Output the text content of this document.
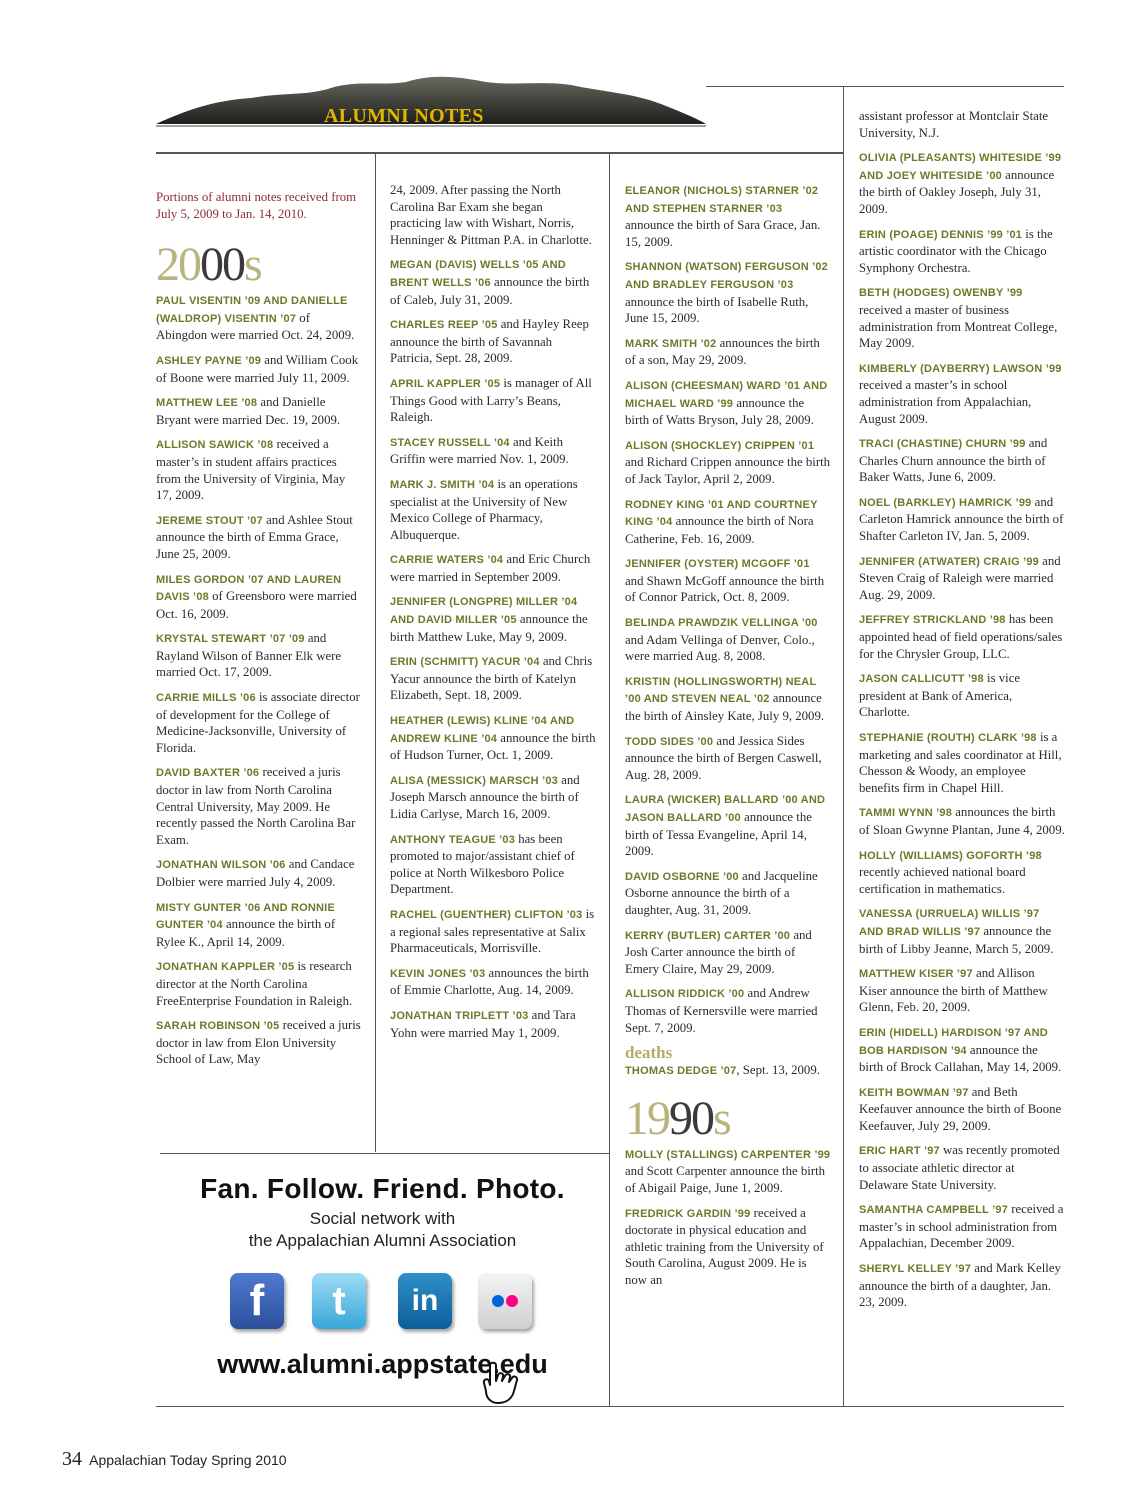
ALUMNI NOTES

Portions of alumni notes received from July 5, 2009 to Jan. 14, 2010.

2000s

PAUL VISENTIN ’09 AND DANIELLE (WALDROP) VISENTIN ’07 of Abingdon were married Oct. 24, 2009.

ASHLEY PAYNE ’09 and William Cook of Boone were married July 11, 2009.

MATTHEW LEE ’08 and Danielle Bryant were married Dec. 19, 2009.

ALLISON SAWICK ’08 received a master’s in student affairs practices from the University of Virginia, May 17, 2009.

JEREME STOUT ’07 and Ashlee Stout announce the birth of Emma Grace, June 25, 2009.

MILES GORDON ’07 AND LAUREN DAVIS ’08 of Greensboro were married Oct. 16, 2009.

KRYSTAL STEWART ’07 ’09 and Rayland Wilson of Banner Elk were married Oct. 17, 2009.

CARRIE MILLS ’06 is associate director of development for the College of Medicine-Jacksonville, University of Florida.

DAVID BAXTER ’06 received a juris doctor in law from North Carolina Central University, May 2009. He recently passed the North Carolina Bar Exam.

JONATHAN WILSON ’06 and Candace Dolbier were married July 4, 2009.

MISTY GUNTER ’06 AND RONNIE GUNTER ’04 announce the birth of Rylee K., April 14, 2009.

JONATHAN KAPPLER ’05 is research director at the North Carolina FreeEnterprise Foundation in Raleigh.

SARAH ROBINSON ’05 received a juris doctor in law from Elon University School of Law, May

24, 2009. After passing the North Carolina Bar Exam she began practicing law with Wishart, Norris, Henninger & Pittman P.A. in Charlotte.

MEGAN (DAVIS) WELLS ’05 AND BRENT WELLS ’06 announce the birth of Caleb, July 31, 2009.

CHARLES REEP ’05 and Hayley Reep announce the birth of Savannah Patricia, Sept. 28, 2009.

APRIL KAPPLER ’05 is manager of All Things Good with Larry’s Beans, Raleigh.

STACEY RUSSELL ’04 and Keith Griffin were married Nov. 1, 2009.

MARK J. SMITH ’04 is an operations specialist at the University of New Mexico College of Pharmacy, Albuquerque.

CARRIE WATERS ’04 and Eric Church were married in September 2009.

JENNIFER (LONGPRE) MILLER ’04 AND DAVID MILLER ’05 announce the birth Matthew Luke, May 9, 2009.

ERIN (SCHMITT) YACUR ’04 and Chris Yacur announce the birth of Katelyn Elizabeth, Sept. 18, 2009.

HEATHER (LEWIS) KLINE ’04 AND ANDREW KLINE ’04 announce the birth of Hudson Turner, Oct. 1, 2009.

ALISA (MESSICK) MARSCH ’03 and Joseph Marsch announce the birth of Lidia Carlyse, March 16, 2009.

ANTHONY TEAGUE ’03 has been promoted to major/assistant chief of police at North Wilkesboro Police Department.

RACHEL (GUENTHER) CLIFTON ’03 is a regional sales representative at Salix Pharmaceuticals, Morrisville.

KEVIN JONES ’03 announces the birth of Emmie Charlotte, Aug. 14, 2009.

JONATHAN TRIPLETT ’03 and Tara Yohn were married May 1, 2009.

ELEANOR (NICHOLS) STARNER ’02 AND STEPHEN STARNER ’03 announce the birth of Sara Grace, Jan. 15, 2009.

SHANNON (WATSON) FERGUSON ’02 AND BRADLEY FERGUSON ’03 announce the birth of Isabelle Ruth, June 15, 2009.

MARK SMITH ’02 announces the birth of a son, May 29, 2009.

ALISON (CHEESMAN) WARD ’01 AND MICHAEL WARD ’99 announce the birth of Watts Bryson, July 28, 2009.

ALISON (SHOCKLEY) CRIPPEN ’01 and Richard Crippen announce the birth of Jack Taylor, April 2, 2009.

RODNEY KING ’01 AND COURTNEY KING ’04 announce the birth of Nora Catherine, Feb. 16, 2009.

JENNIFER (OYSTER) MCGOFF ’01 and Shawn McGoff announce the birth of Connor Patrick, Oct. 8, 2009.

BELINDA PRAWDZIK VELLINGA ’00 and Adam Vellinga of Denver, Colo., were married Aug. 8, 2008.

KRISTIN (HOLLINGSWORTH) NEAL ’00 AND STEVEN NEAL ’02 announce the birth of Ainsley Kate, July 9, 2009.

TODD SIDES ’00 and Jessica Sides announce the birth of Bergen Caswell, Aug. 28, 2009.

LAURA (WICKER) BALLARD ’00 AND JASON BALLARD ’00 announce the birth of Tessa Evangeline, April 14, 2009.

DAVID OSBORNE ’00 and Jacqueline Osborne announce the birth of a daughter, Aug. 31, 2009.

KERRY (BUTLER) CARTER ’00 and Josh Carter announce the birth of Emery Claire, May 29, 2009.

ALLISON RIDDICK ’00 and Andrew Thomas of Kernersville were married Sept. 7, 2009.

deaths

THOMAS DEDGE ’07, Sept. 13, 2009.

1990s

MOLLY (STALLINGS) CARPENTER ’99 and Scott Carpenter announce the birth of Abigail Paige, June 1, 2009.

FREDRICK GARDIN ’99 received a doctorate in physical education and athletic training from the University of South Carolina, August 2009. He is now an

assistant professor at Montclair State University, N.J.

OLIVIA (PLEASANTS) WHITESIDE ’99 AND JOEY WHITESIDE ’00 announce the birth of Oakley Joseph, July 31, 2009.

ERIN (POAGE) DENNIS ’99 ’01 is the artistic coordinator with the Chicago Symphony Orchestra.

BETH (HODGES) OWENBY ’99 received a master of business administration from Montreat College, May 2009.

KIMBERLY (DAYBERRY) LAWSON ’99 received a master’s in school administration from Appalachian, August 2009.

TRACI (CHASTINE) CHURN ’99 and Charles Churn announce the birth of Baker Watts, June 6, 2009.

NOEL (BARKLEY) HAMRICK ’99 and Carleton Hamrick announce the birth of Shafter Carleton IV, Jan. 5, 2009.

JENNIFER (ATWATER) CRAIG ’99 and Steven Craig of Raleigh were married Aug. 29, 2009.

JEFFREY STRICKLAND ’98 has been appointed head of field operations/sales for the Chrysler Group, LLC.

JASON CALLICUTT ’98 is vice president at Bank of America, Charlotte.

STEPHANIE (ROUTH) CLARK ’98 is a marketing and sales coordinator at Hill, Chesson & Woody, an employee benefits firm in Chapel Hill.

TAMMI WYNN ’98 announces the birth of Sloan Gwynne Plantan, June 4, 2009.

HOLLY (WILLIAMS) GOFORTH ’98 recently achieved national board certification in mathematics.

VANESSA (URRUELA) WILLIS ’97 AND BRAD WILLIS ’97 announce the birth of Libby Jeanne, March 5, 2009.

MATTHEW KISER ’97 and Allison Kiser announce the birth of Matthew Glenn, Feb. 20, 2009.

ERIN (HIDELL) HARDISON ’97 AND BOB HARDISON ’94 announce the birth of Brock Callahan, May 14, 2009.

KEITH BOWMAN ’97 and Beth Keefauver announce the birth of Boone Keefauver, July 29, 2009.

ERIC HART ’97 was recently promoted to associate athletic director at Delaware State University.

SAMANTHA CAMPBELL ’97 received a master’s in school administration from Appalachian, December 2009.

SHERYL KELLEY ’97 and Mark Kelley announce the birth of a daughter, Jan. 23, 2009.

Fan. Follow. Friend. Photo.
Social network with
the Appalachian Alumni Association
f t in
www.alumni.appstate.edu
34 Appalachian Today Spring 2010
